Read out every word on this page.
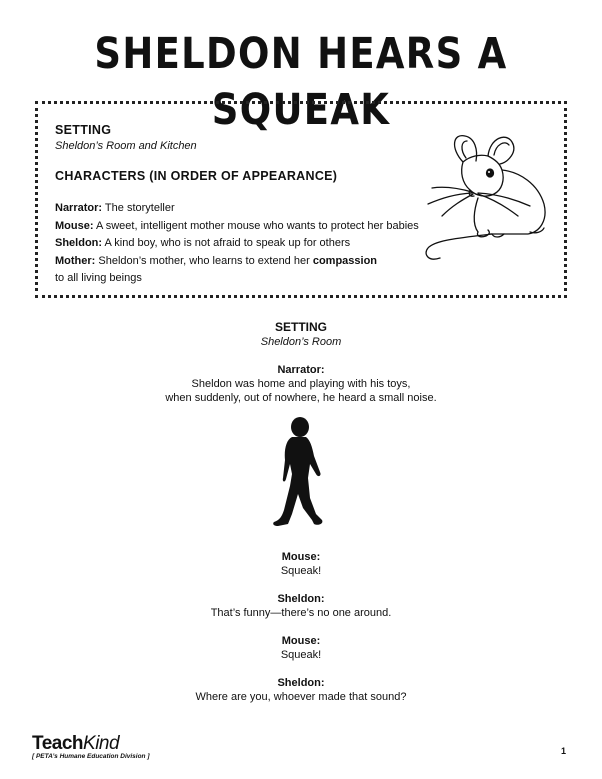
SHELDON HEARS A SQUEAK
SETTING
Sheldon’s Room and Kitchen
CHARACTERS (IN ORDER OF APPEARANCE)
Narrator: The storyteller
Mouse: A sweet, intelligent mother mouse who wants to protect her babies
Sheldon: A kind boy, who is not afraid to speak up for others
Mother: Sheldon’s mother, who learns to extend her compassion
to all living beings
SETTING
Sheldon’s Room
Narrator:
Sheldon was home and playing with his toys,
when suddenly, out of nowhere, he heard a small noise.
Mouse:
Squeak!
Sheldon:
That’s funny—there’s no one around.
Mouse:
Squeak!
Sheldon:
Where are you, whoever made that sound?
TeachKind
[ PETA’s Humane Education Division ]
1
